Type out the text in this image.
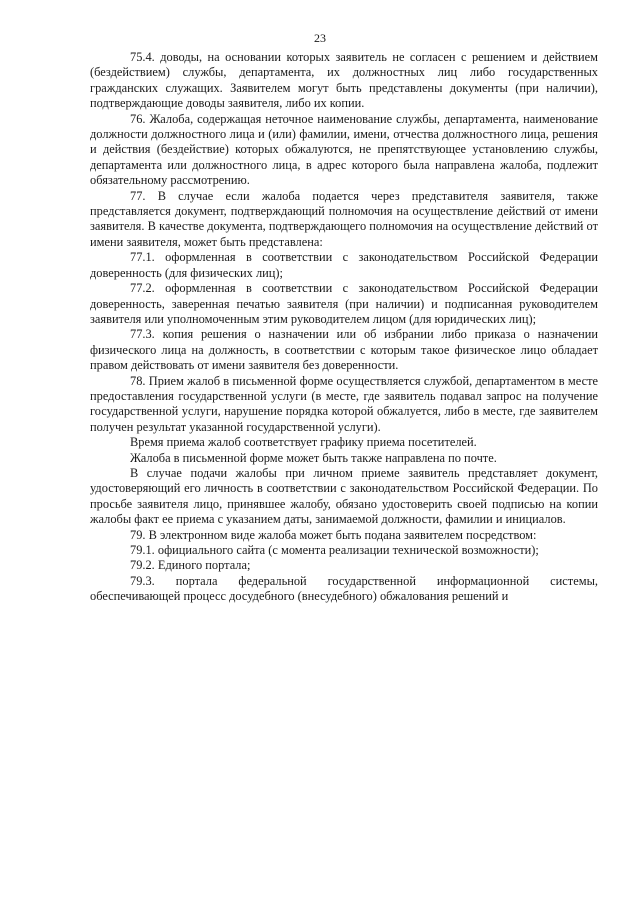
23

75.4. доводы, на основании которых заявитель не согласен с решением и действием (бездействием) службы, департамента, их должностных лиц либо государственных гражданских служащих. Заявителем могут быть представлены документы (при наличии), подтверждающие доводы заявителя, либо их копии.

76. Жалоба, содержащая неточное наименование службы, департамента, наименование должности должностного лица и (или) фамилии, имени, отчества должностного лица, решения и действия (бездействие) которых обжалуются, не препятствующее установлению службы, департамента или должностного лица, в адрес которого была направлена жалоба, подлежит обязательному рассмотрению.

77. В случае если жалоба подается через представителя заявителя, также представляется документ, подтверждающий полномочия на осуществление действий от имени заявителя. В качестве документа, подтверждающего полномочия на осуществление действий от имени заявителя, может быть представлена:

77.1. оформленная в соответствии с законодательством Российской Федерации доверенность (для физических лиц);

77.2. оформленная в соответствии с законодательством Российской Федерации доверенность, заверенная печатью заявителя (при наличии) и подписанная руководителем заявителя или уполномоченным этим руководителем лицом (для юридических лиц);

77.3. копия решения о назначении или об избрании либо приказа о назначении физического лица на должность, в соответствии с которым такое физическое лицо обладает правом действовать от имени заявителя без доверенности.

78. Прием жалоб в письменной форме осуществляется службой, департаментом в месте предоставления государственной услуги (в месте, где заявитель подавал запрос на получение государственной услуги, нарушение порядка которой обжалуется, либо в месте, где заявителем получен результат указанной государственной услуги).

Время приема жалоб соответствует графику приема посетителей.

Жалоба в письменной форме может быть также направлена по почте.

В случае подачи жалобы при личном приеме заявитель представляет документ, удостоверяющий его личность в соответствии с законодательством Российской Федерации. По просьбе заявителя лицо, принявшее жалобу, обязано удостоверить своей подписью на копии жалобы факт ее приема с указанием даты, занимаемой должности, фамилии и инициалов.

79. В электронном виде жалоба может быть подана заявителем посредством:

79.1. официального сайта (с момента реализации технической возможности);

79.2. Единого портала;

79.3. портала федеральной государственной информационной системы, обеспечивающей процесс досудебного (внесудебного) обжалования решений и
